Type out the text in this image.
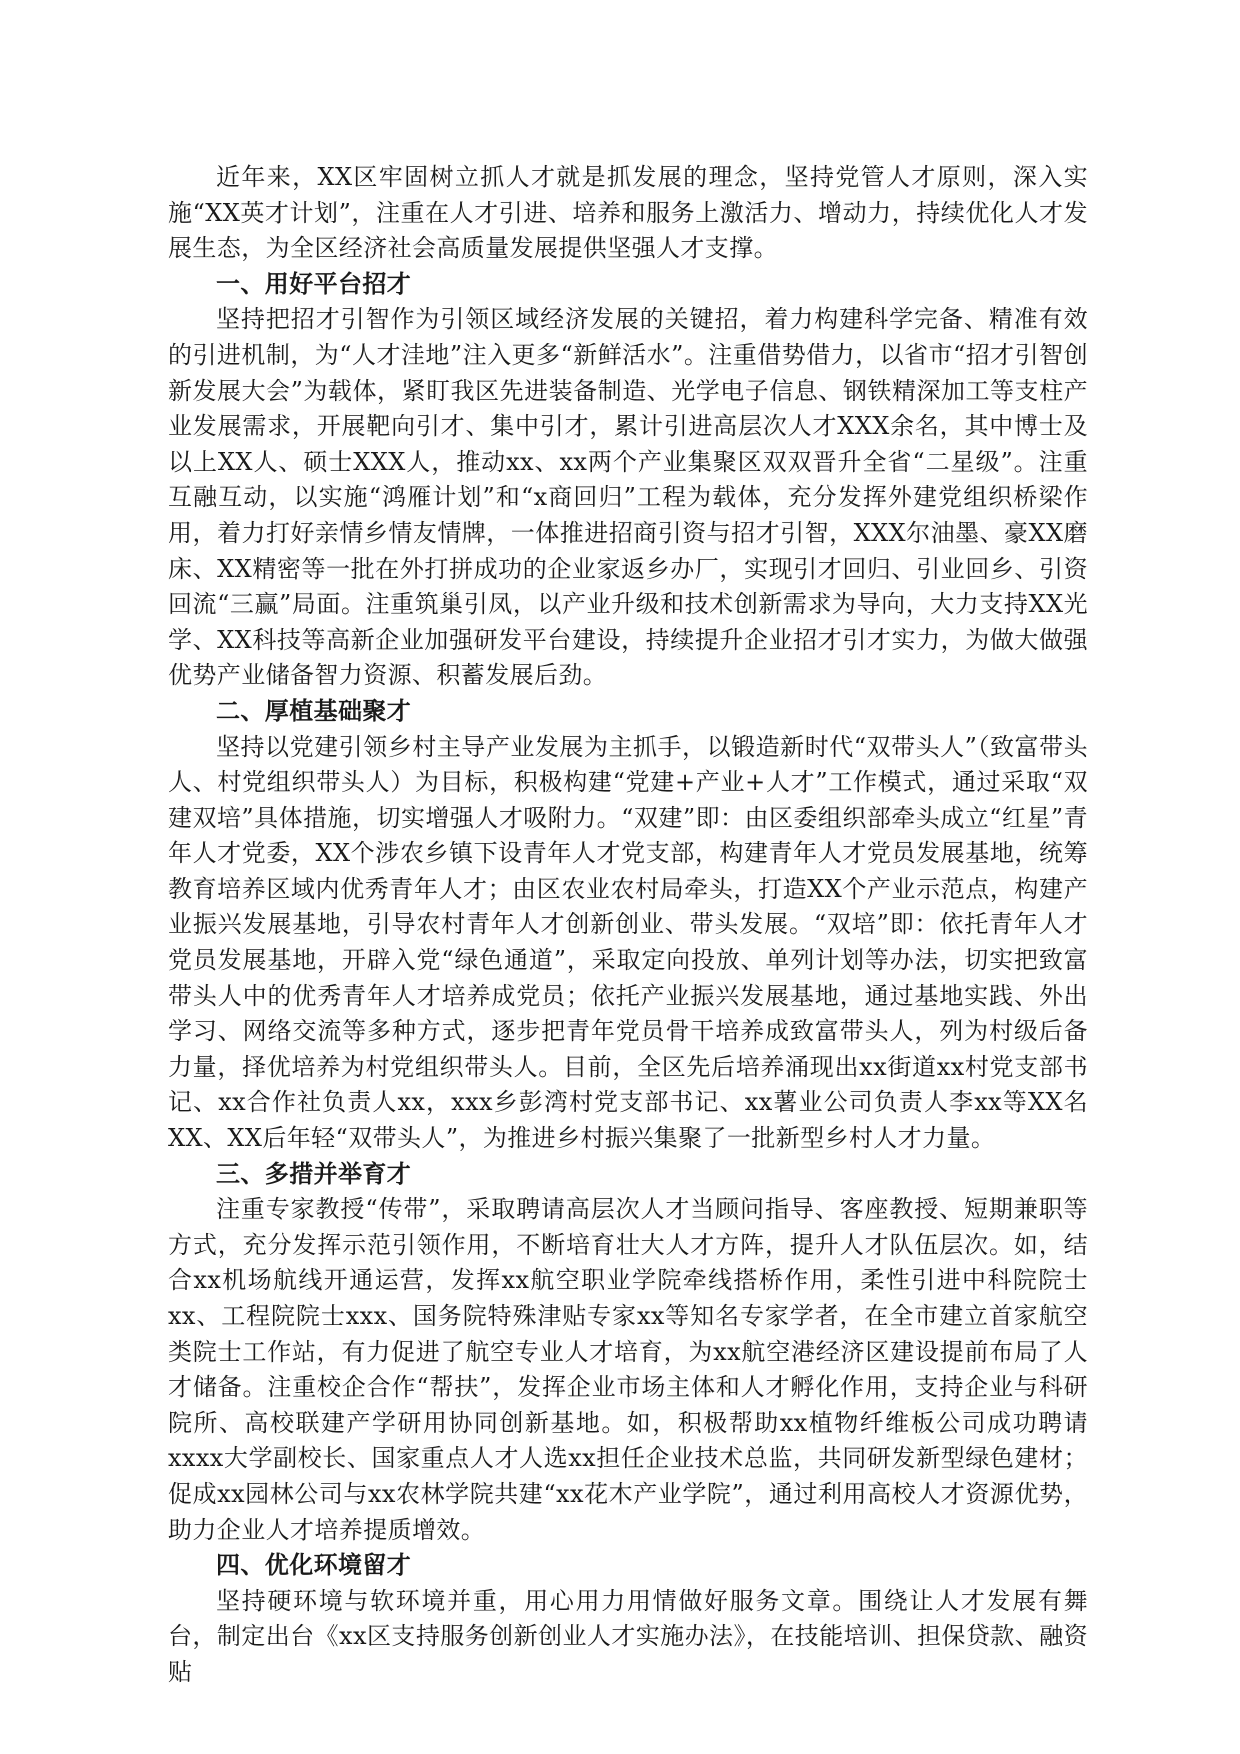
近年来，XX区牢固树立抓人才就是抓发展的理念，坚持党管人才原则，深入实施“XX英才计划”，注重在人才引进、培养和服务上激活力、增动力，持续优化人才发展生态，为全区经济社会高质量发展提供坚强人才支撑。

一、用好平台招才

坚持把招才引智作为引领区域经济发展的关键招，着力构建科学完备、精准有效的引进机制，为“人才洼地”注入更多“新鲜活水”。注重借势借力，以省市“招才引智创新发展大会”为载体，紧盯我区先进装备制造、光学电子信息、钢铁精深加工等支柱产业发展需求，开展靶向引才、集中引才，累计引进高层次人才XXX余名，其中博士及以上XX人、硕士XXX人，推动xx、xx两个产业集聚区双双晋升全省“二星级”。注重互融互动，以实施“鸿雁计划”和“x商回归”工程为载体，充分发挥外建党组织桥梁作用，着力打好亲情乡情友情牌，一体推进招商引资与招才引智，XXX尔油墨、豪XX磨床、XX精密等一批在外打拼成功的企业家返乡办厂，实现引才回归、引业回乡、引资回流“三赢”局面。注重筑巢引凤，以产业升级和技术创新需求为导向，大力支持XX光学、XX科技等高新企业加强研发平台建设，持续提升企业招才引才实力，为做大做强优势产业储备智力资源、积蓄发展后劲。

二、厚植基础聚才

坚持以党建引领乡村主导产业发展为主抓手，以锻造新时代“双带头人”（致富带头人、村党组织带头人）为目标，积极构建“党建+产业+人才”工作模式，通过采取“双建双培”具体措施，切实增强人才吸附力。“双建”即：由区委组织部牵头成立“红星”青年人才党委，XX个涉农乡镇下设青年人才党支部，构建青年人才党员发展基地，统筹教育培养区域内优秀青年人才；由区农业农村局牵头，打造XX个产业示范点，构建产业振兴发展基地，引导农村青年人才创新创业、带头发展。“双培”即：依托青年人才党员发展基地，开辟入党“绿色通道”，采取定向投放、单列计划等办法，切实把致富带头人中的优秀青年人才培养成党员；依托产业振兴发展基地，通过基地实践、外出学习、网络交流等多种方式，逐步把青年党员骨干培养成致富带头人，列为村级后备力量，择优培养为村党组织带头人。目前，全区先后培养涌现出xx街道xx村党支部书记、xx合作社负责人xx，xxx乡彭湾村党支部书记、xx薯业公司负责人李xx等XX名XX、XX后年轻“双带头人”，为推进乡村振兴集聚了一批新型乡村人才力量。

三、多措并举育才

注重专家教授“传带”，采取聘请高层次人才当顾问指导、客座教授、短期兼职等方式，充分发挥示范引领作用，不断培育壮大人才方阵，提升人才队伍层次。如，结合xx机场航线开通运营，发挥xx航空职业学院牵线搭桥作用，柔性引进中科院院士xx、工程院院士xxx、国务院特殊津贴专家xx等知名专家学者，在全市建立首家航空类院士工作站，有力促进了航空专业人才培育，为xx航空港经济区建设提前布局了人才储备。注重校企合作“帮扶”，发挥企业市场主体和人才孵化作用，支持企业与科研院所、高校联建产学研用协同创新基地。如，积极帮助xx植物纤维板公司成功聘请xxxx大学副校长、国家重点人才人选xx担任企业技术总监，共同研发新型绿色建材；促成xx园林公司与xx农林学院共建“xx花木产业学院”，通过利用高校人才资源优势，助力企业人才培养提质增效。

四、优化环境留才

坚持硬环境与软环境并重，用心用力用情做好服务文章。围绕让人才发展有舞台，制定出台《xx区支持服务创新创业人才实施办法》，在技能培训、担保贷款、融资贴
